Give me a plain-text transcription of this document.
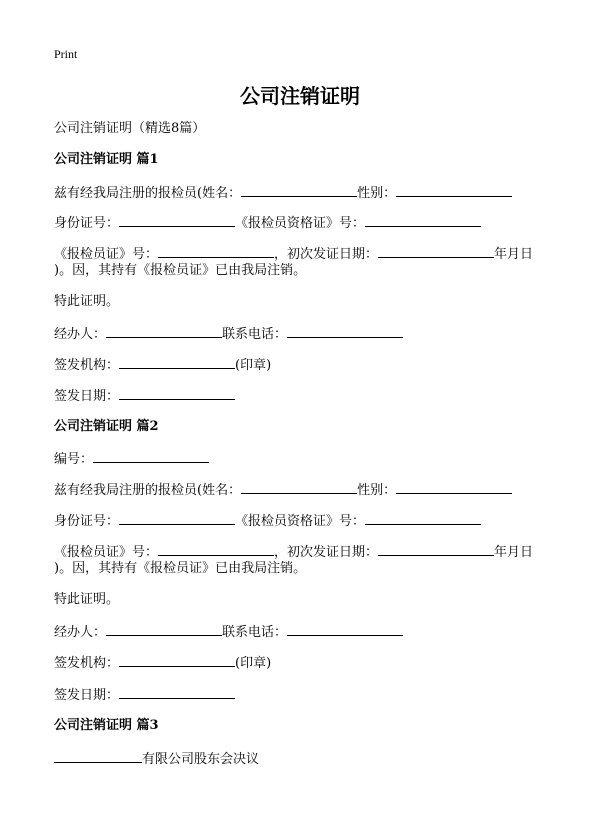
Print
公司注销证明
公司注销证明（精选8篇）
公司注销证明 篇1
兹有经我局注册的报检员(姓名：	性别：
身份证号：	《报检员资格证》号：
《报检员证》号：	，初次发证日期：	年月日
)。因，其持有《报检员证》已由我局注销。
特此证明。
经办人：	联系电话：
签发机构：	(印章)
签发日期：
公司注销证明 篇2
编号：
兹有经我局注册的报检员(姓名：	性别：
身份证号：	《报检员资格证》号：
《报检员证》号：	，初次发证日期：	年月日
)。因，其持有《报检员证》已由我局注销。
特此证明。
经办人：	联系电话：
签发机构：	(印章)
签发日期：
公司注销证明 篇3
有限公司股东会决议
